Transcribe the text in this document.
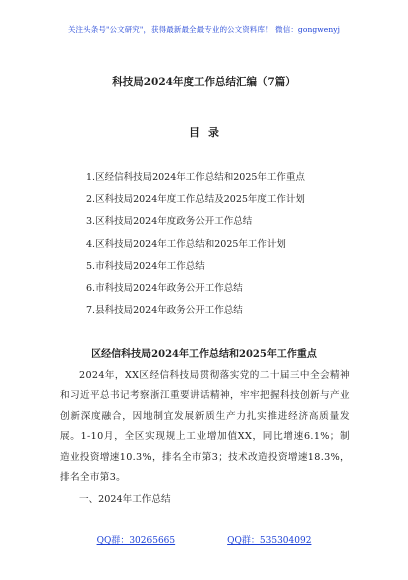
关注头条号"公文研究"，获得最新最全最专业的公文资料库！ 微信：gongwenyj
科技局2024年度工作总结汇编（7篇）
目录
1.区经信科技局2024年工作总结和2025年工作重点
2.区科技局2024年度工作总结及2025年度工作计划
3.区科技局2024年度政务公开工作总结
4.区科技局2024年工作总结和2025年工作计划
5.市科技局2024年工作总结
6.市科技局2024年政务公开工作总结
7.县科技局2024年政务公开工作总结
区经信科技局2024年工作总结和2025年工作重点

2024年，XX区经信科技局贯彻落实党的二十届三中全会精神和习近平总书记考察浙江重要讲话精神，牢牢把握科技创新与产业创新深度融合，因地制宜发展新质生产力扎实推进经济高质量发展。1-10月，全区实现规上工业增加值XX，同比增速6.1%；制造业投资增速10.3%，排名全市第3；技术改造投资增速18.3%，排名全市第3。

一、2024年工作总结
QQ群：30265665	QQ群：535304092
